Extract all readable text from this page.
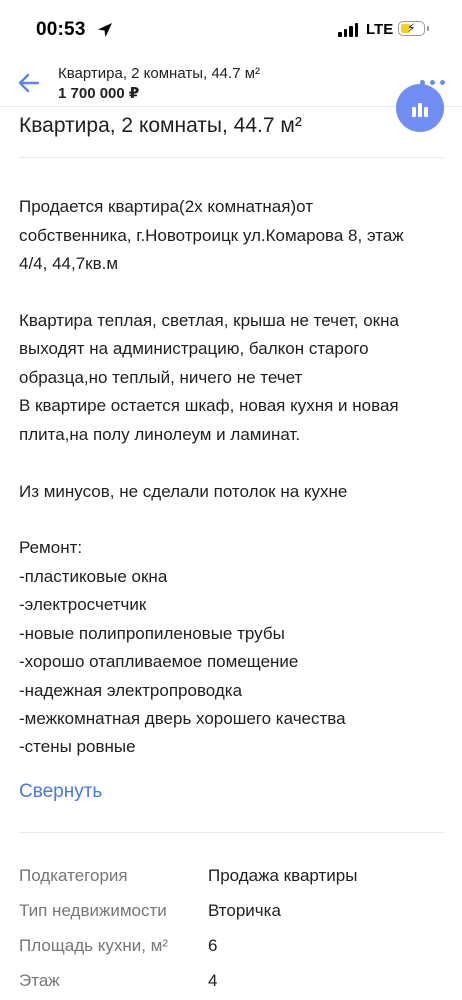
00:53	LTE ⚡
Квартира, 2 комнаты, 44.7 м²
1 700 000 ₽
Квартира, 2 комнаты, 44.7 м²
Продается квартира(2х комнатная)от
собственника, г.Новотроицк ул.Комарова 8, этаж
4/4, 44,7кв.м
Квартира теплая, светлая, крыша не течет, окна
выходят на администрацию, балкон старого
образца,но теплый, ничего не течет
В квартире остается шкаф, новая кухня и новая
плита,на полу линолеум и ламинат.
Из минусов, не сделали потолок на кухне
Ремонт:
-пластиковые окна
-электросчетчик
-новые полипропиленовые трубы
-хорошо отапливаемое помещение
-надежная электропроводка
-межкомнатная дверь хорошего качества
-стены ровные
Свернуть
Подкатегория	Продажа квартиры
Тип недвижимости Вторичка
Площадь кухни, м² 6
Этаж	4
